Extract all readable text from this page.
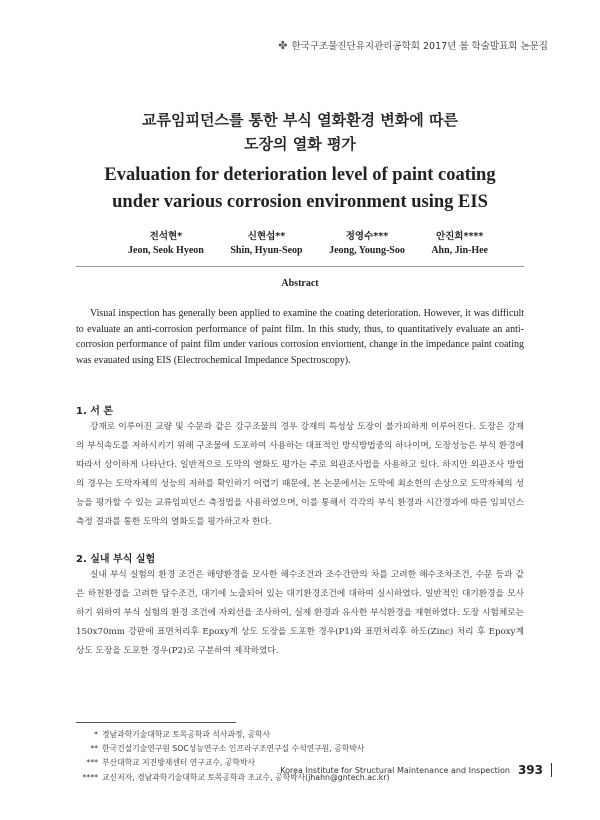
✤ 한국구조물진단유지관리공학회 2017년 봄 학술발표회 논문집
교류임피던스를 통한 부식 열화환경 변화에 따른
도장의 열화 평가
Evaluation for deterioration level of paint coating
under various corrosion environment using EIS
전석현*
Jeon, Seok Hyeon
신현섭**
Shin, Hyun-Seop
정영수***
Jeong, Young-Soo
안진희****
Ahn, Jin-Hee
Abstract
Visual inspection has generally been applied to examine the coating deterioration. However, it was difficult to evaluate an anti-corrosion performance of paint film. In this study, thus, to quantitatively evaluate an anti-corrosion performance of paint film under various corrosion enviornent, change in the impedance paint coating was evauated using EIS (Electrochemical Impedance Spectroscopy).
1. 서 론
강재로 이루어진 교량 및 수문과 같은 강구조물의 경우 강재의 특성상 도장이 불가피하게 이루어진다. 도장은 강재의 부식속도를 저하시키기 위해 구조물에 도포하여 사용하는 대표적인 방식방법중의 하나이며, 도장성능은 부식 환경에 따라서 상이하게 나타난다. 일반적으로 도막의 열화도 평가는 주로 외관조사법을 사용하고 있다. 하지만 외관조사 방법의 경우는 도막자체의 성능의 저하를 확인하기 어렵기 때문에, 본 논문에서는 도막에 최소한의 손상으로 도막자체의 성능을 평가할 수 있는 교류임피던스 측정법을 사용하였으며, 이를 통해서 각각의 부식 환경과 시간경과에 따른 임피던스 측정 결과를 통한 도막의 열화도를 평가하고자 한다.
2. 실내 부식 실험
실내 부식 실험의 환경 조건은 해양환경을 모사한 해수조건과 조수간만의 차를 고려한 해수조차조건, 수문 등과 같은 하천환경을 고려한 담수조건, 대기에 노출되어 있는 대기환경조건에 대하여 실시하였다. 일반적인 대기환경을 모사하기 위하여 부식 실험의 환경 조건에 자외선을 조사하여, 실제 환경과 유사한 부식환경을 재현하였다. 도장 시험체로는 150x70mm 강판에 표면처리후 Epoxy계 상도 도장을 도포한 경우(P1)와 표면처리후 하도(Zinc) 처리 후 Epoxy계 상도 도장을 도포한 경우(P2)로 구분하여 제작하였다.
* 경남과학기술대학교 토목공학과 석사과정, 공학사
** 한국건설기술연구원 SOC성능연구소 인프라구조연구실 수석연구원, 공학박사
*** 부산대학교 지진방재센터 연구교수, 공학박사
**** 교신저자, 경남과학기술대학교 토목공학과 조교수, 공학박사(jhahn@gntech.ac.kr)
Korea Institute for Structural Maintenance and Inspection 393
